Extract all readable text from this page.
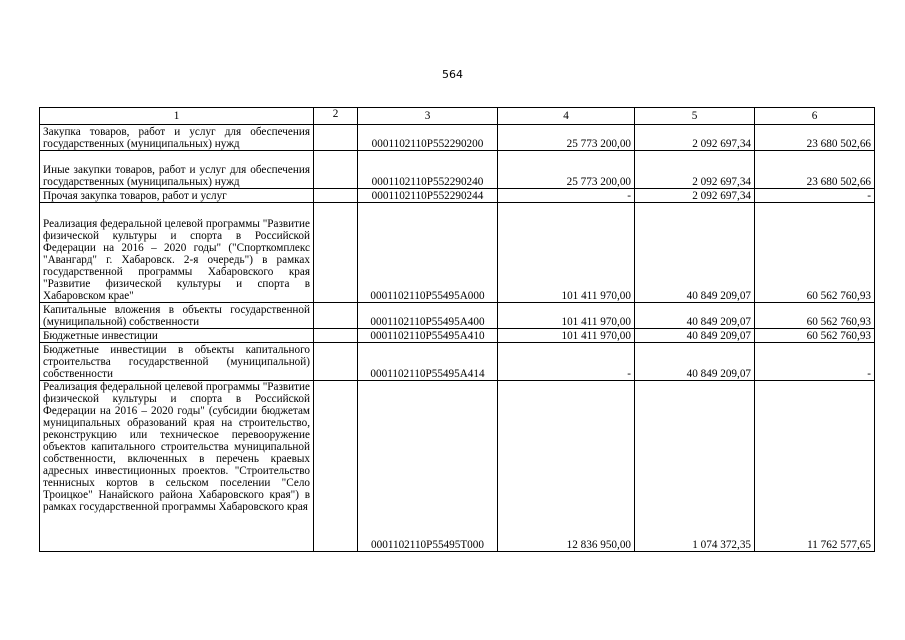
564
1	2	3	4	5	6
Закупка товаров, работ и услуг для обеспечения государственных (муниципальных) нужд		0001102110P552290200	25 773 200,00	2 092 697,34	23 680 502,66
Иные закупки товаров, работ и услуг для обеспечения государственных (муниципальных) нужд		0001102110P552290240	25 773 200,00	2 092 697,34	23 680 502,66
Прочая закупка товаров, работ и услуг		0001102110P552290244	-	2 092 697,34	-
Реализация федеральной целевой программы "Развитие физической культуры и спорта в Российской Федерации на 2016 – 2020 годы" ("Спорткомплекс "Авангард" г. Хабаровск. 2-я очередь") в рамках государственной программы Хабаровского края "Развитие физической культуры и спорта в Хабаровском крае"		0001102110P55495A000	101 411 970,00	40 849 209,07	60 562 760,93
Капитальные вложения в объекты государственной (муниципальной) собственности		0001102110P55495A400	101 411 970,00	40 849 209,07	60 562 760,93
Бюджетные инвестиции		0001102110P55495A410	101 411 970,00	40 849 209,07	60 562 760,93
Бюджетные инвестиции в объекты капитального строительства государственной (муниципальной) собственности		0001102110P55495A414	-	40 849 209,07	-
Реализация федеральной целевой программы "Развитие физической культуры и спорта в Российской Федерации на 2016 – 2020 годы" (субсидии бюджетам муниципальных образований края на строительство, реконструкцию или техническое перевооружение объектов капитального строительства муниципальной собственности, включенных в перечень краевых адресных инвестиционных проектов. "Строительство теннисных кортов в сельском поселении "Село Троицкое" Нанайского района Хабаровского края") в рамках государственной программы Хабаровского края		0001102110P55495T000	12 836 950,00	1 074 372,35	11 762 577,65
